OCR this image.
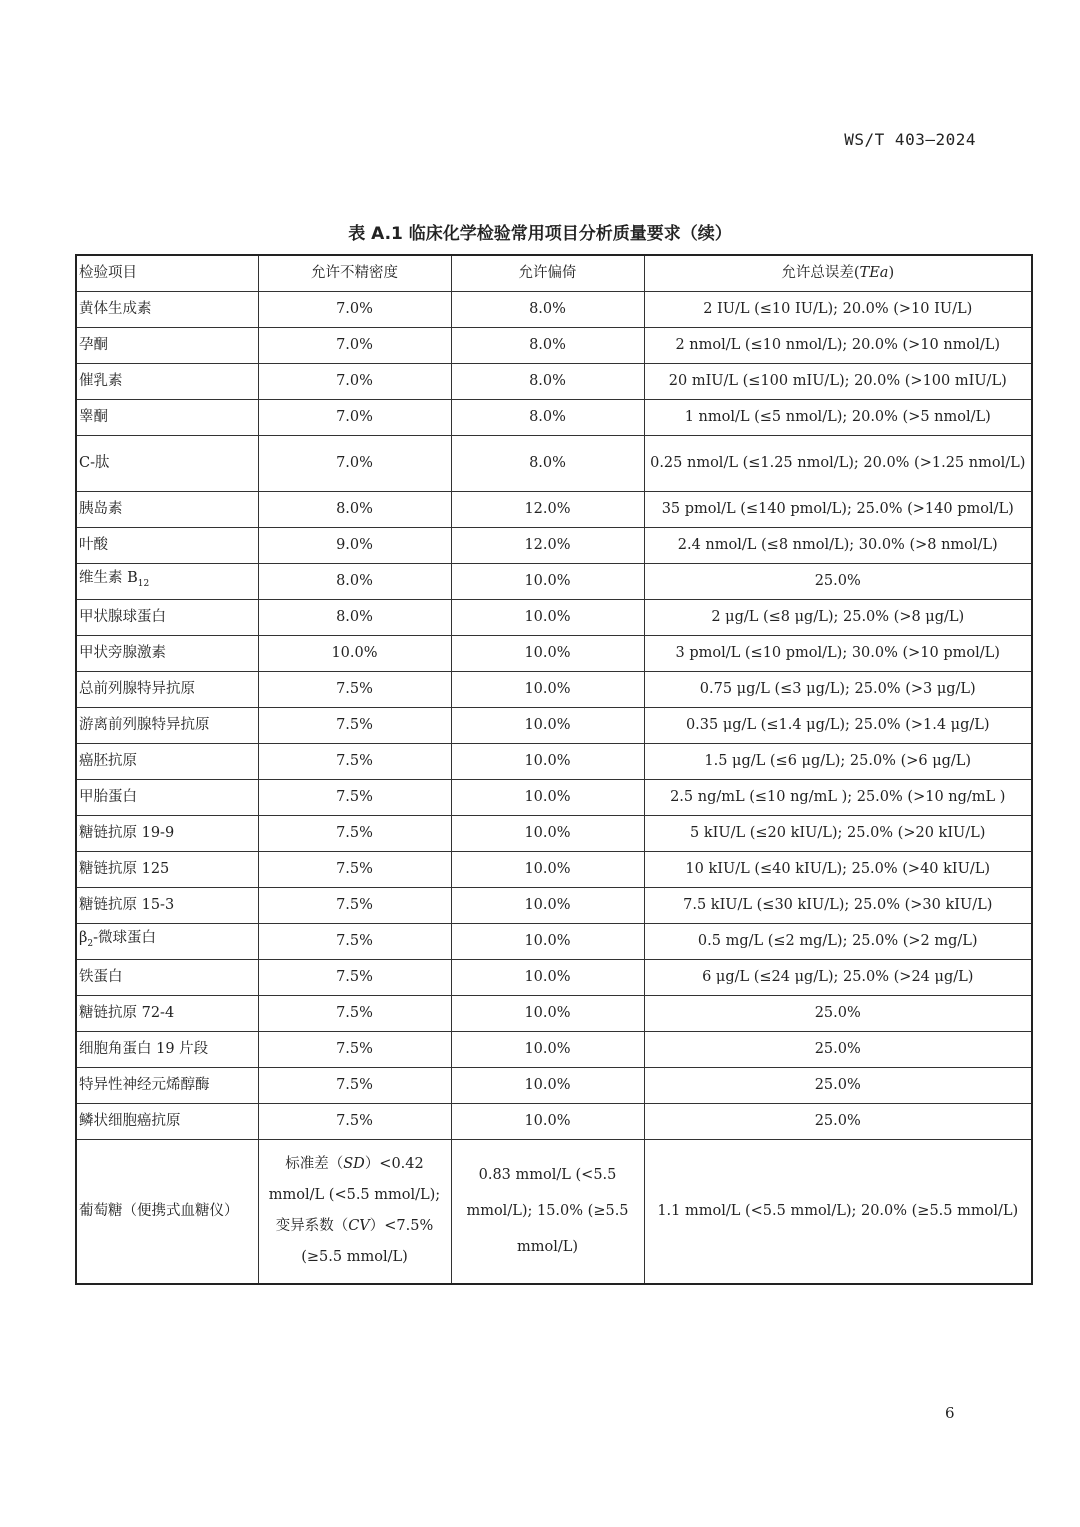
WS/T 403—2024
表 A.1 临床化学检验常用项目分析质量要求（续）
检验项目	允许不精密度	允许偏倚	允许总误差(TEa)
黄体生成素	7.0%	8.0%	2 IU/L (≤10 IU/L); 20.0% (>10 IU/L)
孕酮	7.0%	8.0%	2 nmol/L (≤10 nmol/L); 20.0% (>10 nmol/L)
催乳素	7.0%	8.0%	20 mIU/L (≤100 mIU/L); 20.0% (>100 mIU/L)
睾酮	7.0%	8.0%	1 nmol/L (≤5 nmol/L); 20.0% (>5 nmol/L)
C-肽	7.0%	8.0%	0.25 nmol/L (≤1.25 nmol/L); 20.0% (>1.25 nmol/L)
胰岛素	8.0%	12.0%	35 pmol/L (≤140 pmol/L); 25.0% (>140 pmol/L)
叶酸	9.0%	12.0%	2.4 nmol/L (≤8 nmol/L); 30.0% (>8 nmol/L)
维生素 $B_{12}$	8.0%	10.0%	25.0%
甲状腺球蛋白	8.0%	10.0%	2 μg/L (≤8 μg/L); 25.0% (>8 μg/L)
甲状旁腺激素	10.0%	10.0%	3 pmol/L (≤10 pmol/L); 30.0% (>10 pmol/L)
总前列腺特异抗原	7.5%	10.0%	0.75 μg/L (≤3 μg/L); 25.0% (>3 μg/L)
游离前列腺特异抗原	7.5%	10.0%	0.35 μg/L (≤1.4 μg/L); 25.0% (>1.4 μg/L)
癌胚抗原	7.5%	10.0%	1.5 μg/L (≤6 μg/L); 25.0% (>6 μg/L)
甲胎蛋白	7.5%	10.0%	2.5 ng/mL (≤10 ng/mL ); 25.0% (>10 ng/mL )
糖链抗原 19-9	7.5%	10.0%	5 kIU/L (≤20 kIU/L); 25.0% (>20 kIU/L)
糖链抗原 125	7.5%	10.0%	10 kIU/L (≤40 kIU/L); 25.0% (>40 kIU/L)
糖链抗原 15-3	7.5%	10.0%	7.5 kIU/L (≤30 kIU/L); 25.0% (>30 kIU/L)
$\beta_2-$微球蛋白	7.5%	10.0%	0.5 mg/L (≤2 mg/L); 25.0% (>2 mg/L)
铁蛋白	7.5%	10.0%	6 μg/L (≤24 μg/L); 25.0% (>24 μg/L)
糖链抗原 72-4	7.5%	10.0%	25.0%
细胞角蛋白 19 片段	7.5%	10.0%	25.0%
特异性神经元烯醇酶	7.5%	10.0%	25.0%
鳞状细胞癌抗原	7.5%	10.0%	25.0%
葡萄糖（便携式血糖仪）	标准差（SD）<0.42 mmol/L (<5.5 mmol/L); 变异系数（CV）<7.5% (≥5.5 mmol/L)	0.83 mmol/L (<5.5 mmol/L); 15.0% (≥5.5 mmol/L)	1.1 mmol/L (<5.5 mmol/L); 20.0% (≥5.5 mmol/L)
6
